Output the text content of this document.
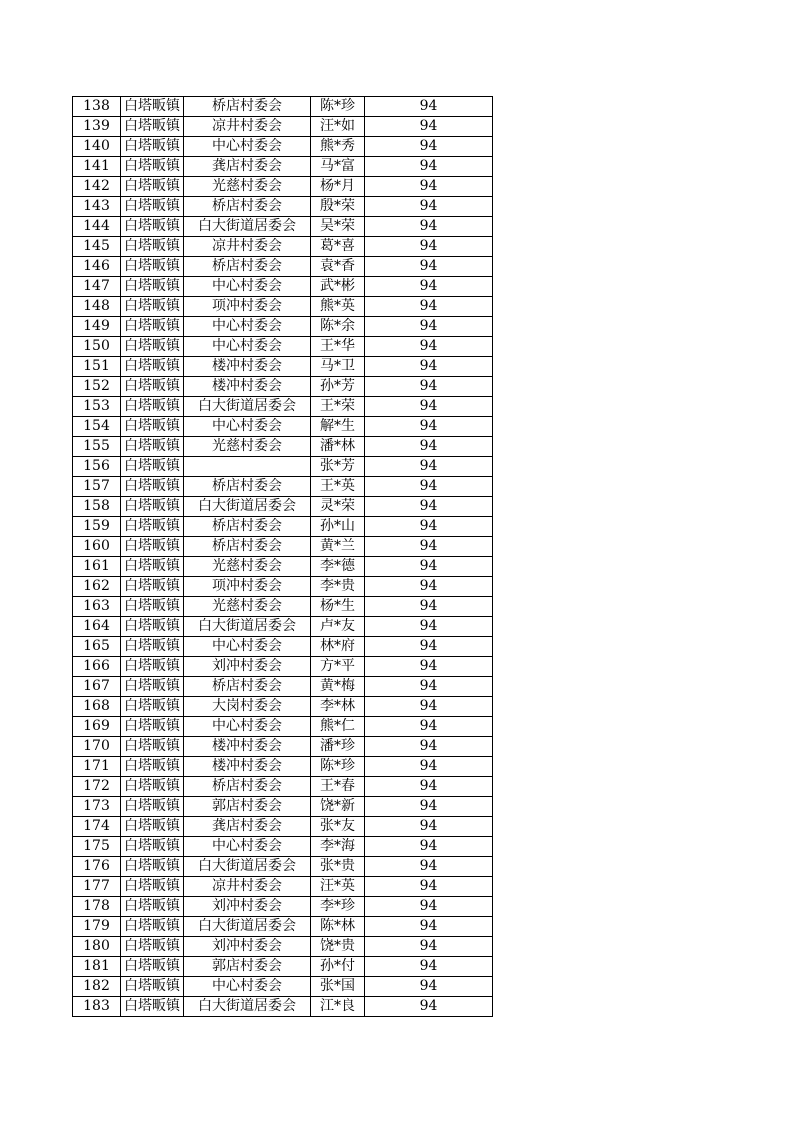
138	白塔畈镇	桥店村委会	陈*珍	94
139	白塔畈镇	凉井村委会	汪*如	94
140	白塔畈镇	中心村委会	熊*秀	94
141	白塔畈镇	龚店村委会	马*富	94
142	白塔畈镇	光慈村委会	杨*月	94
143	白塔畈镇	桥店村委会	殷*荣	94
144	白塔畈镇	白大街道居委会	吴*荣	94
145	白塔畈镇	凉井村委会	葛*喜	94
146	白塔畈镇	桥店村委会	袁*香	94
147	白塔畈镇	中心村委会	武*彬	94
148	白塔畈镇	项冲村委会	熊*英	94
149	白塔畈镇	中心村委会	陈*余	94
150	白塔畈镇	中心村委会	王*华	94
151	白塔畈镇	楼冲村委会	马*卫	94
152	白塔畈镇	楼冲村委会	孙*芳	94
153	白塔畈镇	白大街道居委会	王*荣	94
154	白塔畈镇	中心村委会	解*生	94
155	白塔畈镇	光慈村委会	潘*林	94
156	白塔畈镇		张*芳	94
157	白塔畈镇	桥店村委会	王*英	94
158	白塔畈镇	白大街道居委会	灵*荣	94
159	白塔畈镇	桥店村委会	孙*山	94
160	白塔畈镇	桥店村委会	黄*兰	94
161	白塔畈镇	光慈村委会	李*德	94
162	白塔畈镇	项冲村委会	李*贵	94
163	白塔畈镇	光慈村委会	杨*生	94
164	白塔畈镇	白大街道居委会	卢*友	94
165	白塔畈镇	中心村委会	林*府	94
166	白塔畈镇	刘冲村委会	方*平	94
167	白塔畈镇	桥店村委会	黄*梅	94
168	白塔畈镇	大岗村委会	李*林	94
169	白塔畈镇	中心村委会	熊*仁	94
170	白塔畈镇	楼冲村委会	潘*珍	94
171	白塔畈镇	楼冲村委会	陈*珍	94
172	白塔畈镇	桥店村委会	王*春	94
173	白塔畈镇	郭店村委会	饶*新	94
174	白塔畈镇	龚店村委会	张*友	94
175	白塔畈镇	中心村委会	李*海	94
176	白塔畈镇	白大街道居委会	张*贵	94
177	白塔畈镇	凉井村委会	汪*英	94
178	白塔畈镇	刘冲村委会	李*珍	94
179	白塔畈镇	白大街道居委会	陈*林	94
180	白塔畈镇	刘冲村委会	饶*贵	94
181	白塔畈镇	郭店村委会	孙*付	94
182	白塔畈镇	中心村委会	张*国	94
183	白塔畈镇	白大街道居委会	江*良	94
